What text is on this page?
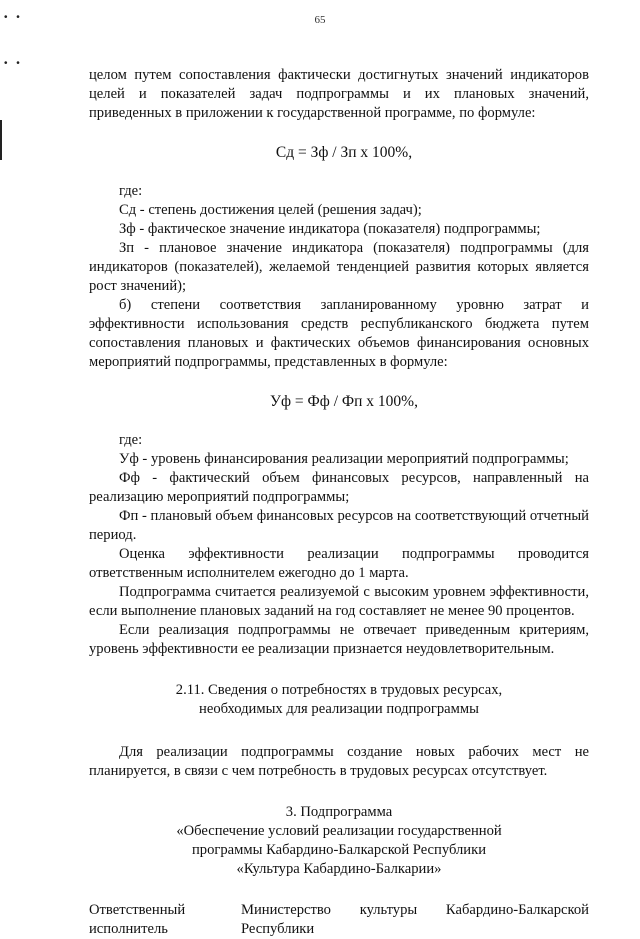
65
• •
• •

целом путем сопоставления фактически достигнутых значений индикаторов целей и показателей задач подпрограммы и их плановых значений, приведенных в приложении к государственной программе, по формуле:

Сд = Зф / Зп х 100%,

где:

Сд - степень достижения целей (решения задач);

Зф - фактическое значение индикатора (показателя) подпрограммы;

Зп - плановое значение индикатора (показателя) подпрограммы (для индикаторов (показателей), желаемой тенденцией развития которых является рост значений);

б) степени соответствия запланированному уровню затрат и эффективности использования средств республиканского бюджета путем сопоставления плановых и фактических объемов финансирования основных мероприятий подпрограммы, представленных в формуле:

Уф = Фф / Фп х 100%,

где:

Уф - уровень финансирования реализации мероприятий подпрограммы;

Фф - фактический объем финансовых ресурсов, направленный на реализацию мероприятий подпрограммы;

Фп - плановый объем финансовых ресурсов на соответствующий отчетный период.

Оценка эффективности реализации подпрограммы проводится ответственным исполнителем ежегодно до 1 марта.

Подпрограмма считается реализуемой с высоким уровнем эффективности, если выполнение плановых заданий на год составляет не менее 90 процентов.

Если реализация подпрограммы не отвечает приведенным критериям, уровень эффективности ее реализации признается неудовлетворительным.

2.11. Сведения о потребностях в трудовых ресурсах,
необходимых для реализации подпрограммы

Для реализации подпрограммы создание новых рабочих мест не планируется, в связи с чем потребность в трудовых ресурсах отсутствует.

3. Подпрограмма
«Обеспечение условий реализации государственной
программы Кабардино-Балкарской Республики
«Культура Кабардино-Балкарии»
Ответственный
исполнитель
Министерство культуры Кабардино-Балкарской
Республики
